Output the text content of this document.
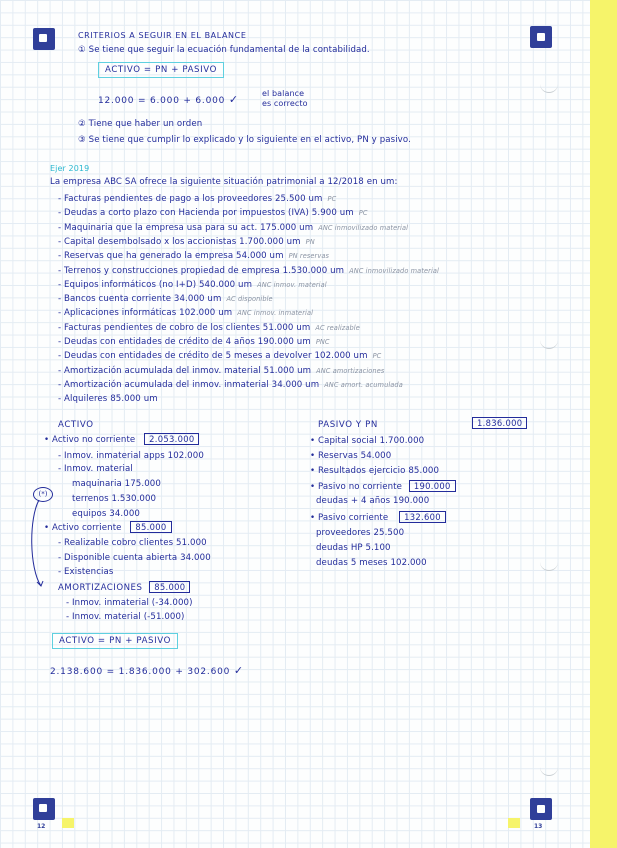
12	13
CRITERIOS A SEGUIR EN EL BALANCE
① Se tiene que seguir la ecuación fundamental de la contabilidad.
ACTIVO = PN + PASIVO
12.000 = 6.000 + 6.000 ✓	el balance
es correcto
② Tiene que haber un orden
③ Se tiene que cumplir lo explicado y lo siguiente en el activo, PN y pasivo.
Ejer 2019
La empresa ABC SA ofrece la siguiente situación patrimonial a 12/2018 en um:
- Facturas pendientes de pago a los proveedores 25.500 um PC
- Deudas a corto plazo con Hacienda por impuestos (IVA) 5.900 um PC
- Maquinaria que la empresa usa para su act. 175.000 um ANC inmovilizado material
- Capital desembolsado x los accionistas 1.700.000 um PN
- Reservas que ha generado la empresa 54.000 um PN reservas
- Terrenos y construcciones propiedad de empresa 1.530.000 um ANC inmovilizado material
- Equipos informáticos (no I+D) 540.000 um ANC inmov. material
- Bancos cuenta corriente 34.000 um AC disponible
- Aplicaciones informáticas 102.000 um ANC inmov. inmaterial
- Facturas pendientes de cobro de los clientes 51.000 um AC realizable
- Deudas con entidades de crédito de 4 años 190.000 um PNC
- Deudas con entidades de crédito de 5 meses a devolver 102.000 um PC
- Amortización acumulada del inmov. material 51.000 um ANC amortizaciones
- Amortización acumulada del inmov. inmaterial 34.000 um ANC amort. acumulada
- Alquileres 85.000 um
ACTIVO
• Activo no corriente 2.053.000
- Inmov. inmaterial apps 102.000
- Inmov. material
maquinaria 175.000
terrenos 1.530.000
equipos 34.000
(*)
• Activo corriente 85.000
- Realizable cobro clientes 51.000
- Disponible cuenta abierta 34.000
- Existencias
AMORTIZACIONES 85.000
- Inmov. inmaterial (-34.000)
- Inmov. material (-51.000)
PASIVO Y PN	1.836.000
• Capital social 1.700.000
• Reservas 54.000
• Resultados ejercicio 85.000
• Pasivo no corriente 190.000
deudas + 4 años 190.000
• Pasivo corriente 132.600
proveedores 25.500
deudas HP 5.100
deudas 5 meses 102.000
ACTIVO = PN + PASIVO
2.138.600 = 1.836.000 + 302.600 ✓
